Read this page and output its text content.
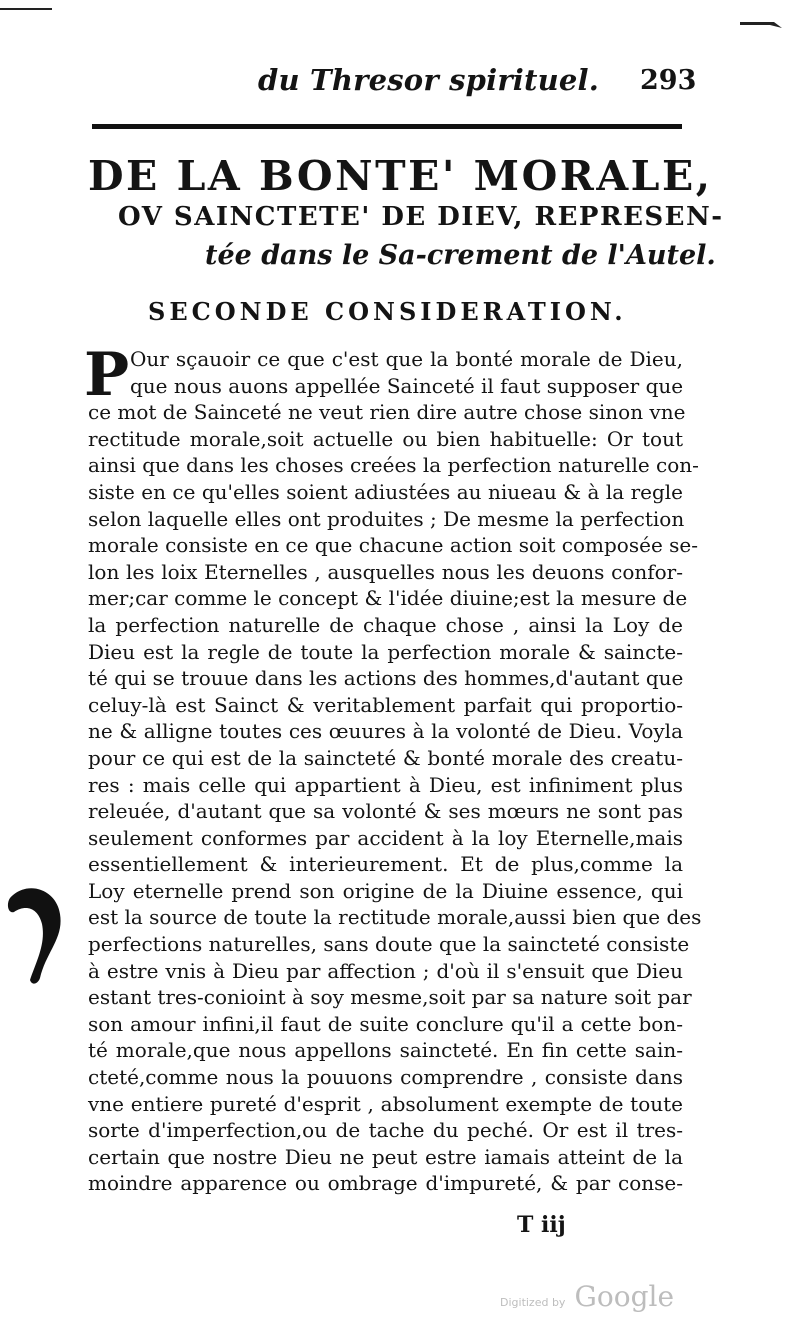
du Thresor spirituel. 293
DE LA BONTE' MORALE,
OV SAINCTETE' DE DIEV, REPRESEN-
tée dans le Sa-crement de l'Autel.
SECONDE CONSIDERATION.
P Our sçauoir ce que c'est que la bonté morale de Dieu,
que nous auons appellée Sainceté il faut supposer que
ce mot de Sainceté ne veut rien dire autre chose sinon vne
rectitude morale,soit actuelle ou bien habituelle: Or tout
ainsi que dans les choses creées la perfection naturelle con-
siste en ce qu'elles soient adiustées au niueau & à la regle
selon laquelle elles ont produites ; De mesme la perfection
morale consiste en ce que chacune action soit composée se-
lon les loix Eternelles , ausquelles nous les deuons confor-
mer;car comme le concept & l'idée diuine;est la mesure de
la perfection naturelle de chaque chose , ainsi la Loy de
Dieu est la regle de toute la perfection morale & saincte-
té qui se trouue dans les actions des hommes,d'autant que
celuy-là est Sainct & veritablement parfait qui proportio-
ne & alligne toutes ces œuures à la volonté de Dieu. Voyla
pour ce qui est de la saincteté & bonté morale des creatu-
res : mais celle qui appartient à Dieu, est infiniment plus
releuée, d'autant que sa volonté & ses mœurs ne sont pas
seulement conformes par accident à la loy Eternelle,mais
essentiellement & interieurement. Et de plus,comme la
Loy eternelle prend son origine de la Diuine essence, qui
est la source de toute la rectitude morale,aussi bien que des
perfections naturelles, sans doute que la saincteté consiste
à estre vnis à Dieu par affection ; d'où il s'ensuit que Dieu
estant tres-conioint à soy mesme,soit par sa nature soit par
son amour infini,il faut de suite conclure qu'il a cette bon-
té morale,que nous appellons saincteté. En fin cette sain-
cteté,comme nous la pouuons comprendre , consiste dans
vne entiere pureté d'esprit , absolument exempte de toute
sorte d'imperfection,ou de tache du peché. Or est il tres-
certain que nostre Dieu ne peut estre iamais atteint de la
moindre apparence ou ombrage d'impureté, & par conse-
T iij
Digitized by Google
